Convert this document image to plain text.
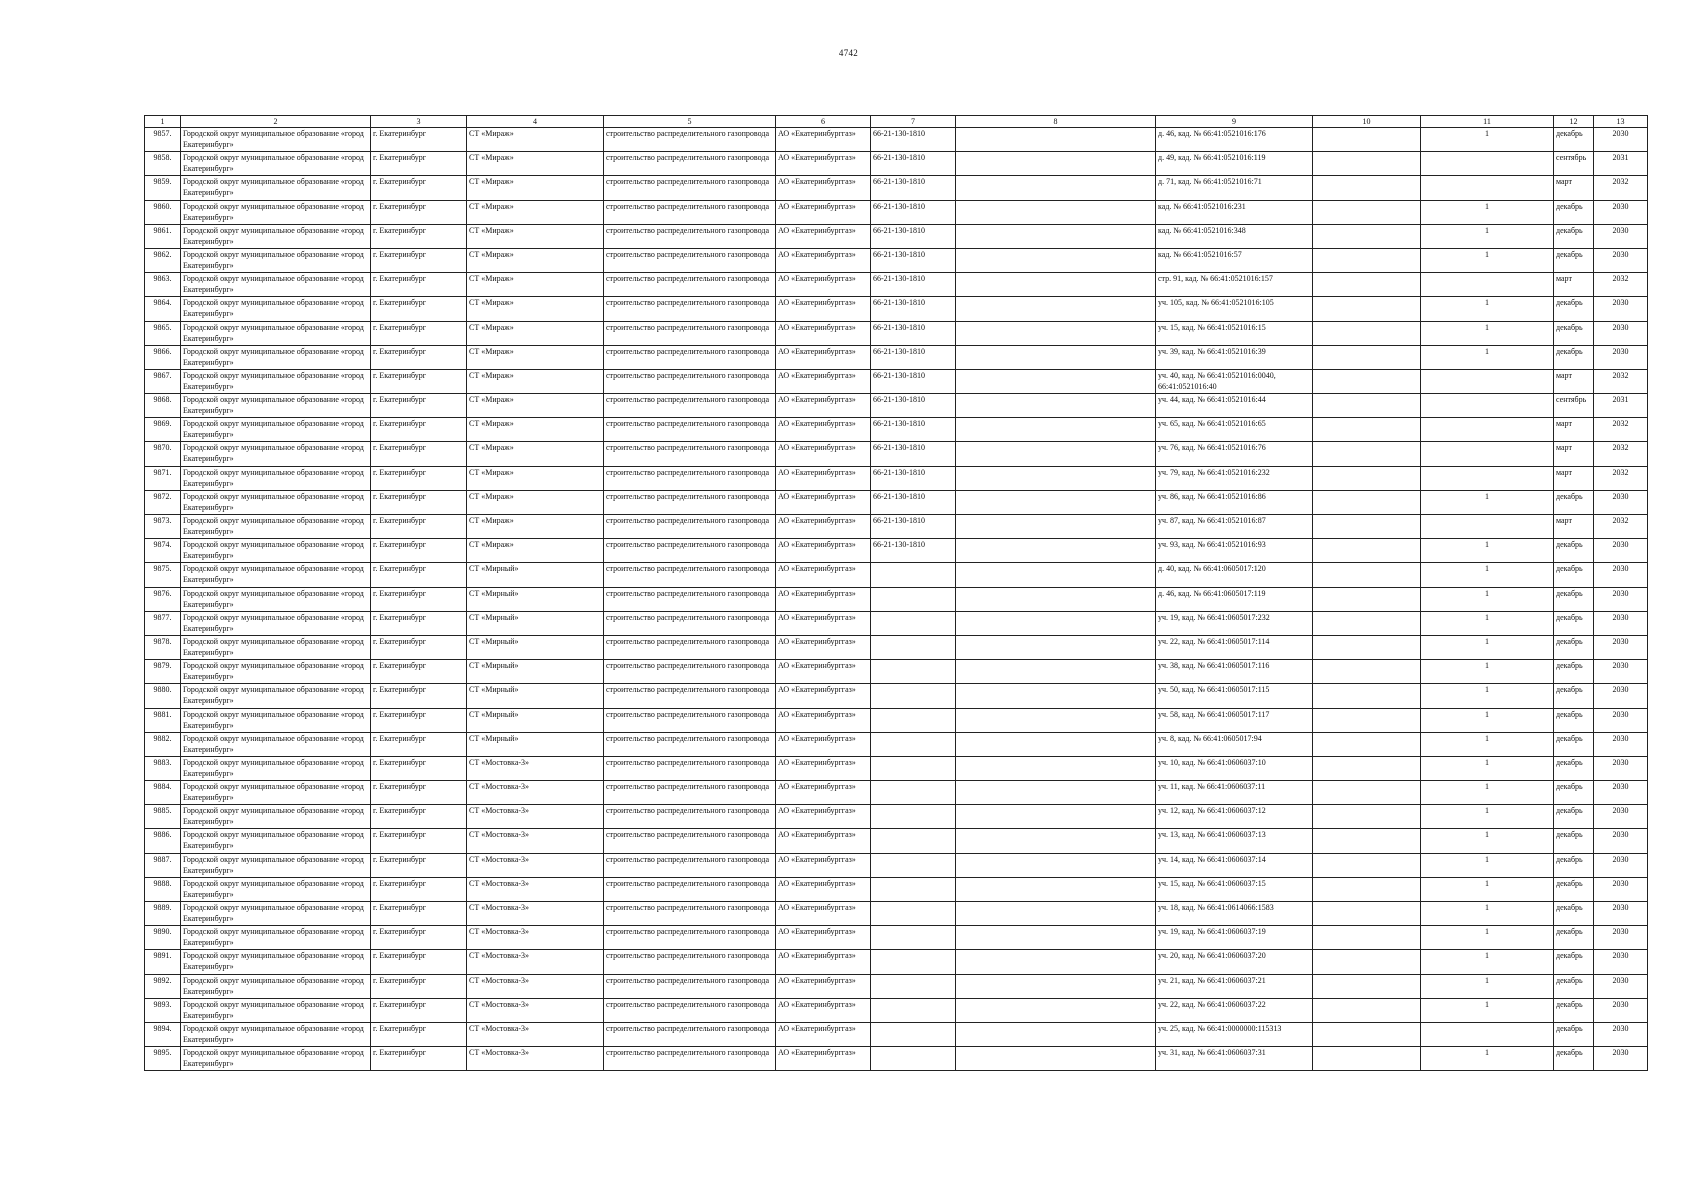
4742
1	2	3	4	5	6	7	8	9	10	11	12	13
9857.	Городской округ муниципальное образование «город Екатеринбург»	г. Екатеринбург	СТ «Мираж»	строительство распределительного газопровода	АО «Екатеринбурггаз»	66-21-130-1810		д. 46, кад. № 66:41:0521016:176		1	декабрь	2030
9858.	Городской округ муниципальное образование «город Екатеринбург»	г. Екатеринбург	СТ «Мираж»	строительство распределительного газопровода	АО «Екатеринбурггаз»	66-21-130-1810		д. 49, кад. № 66:41:0521016:119			сентябрь	2031
9859.	Городской округ муниципальное образование «город Екатеринбург»	г. Екатеринбург	СТ «Мираж»	строительство распределительного газопровода	АО «Екатеринбурггаз»	66-21-130-1810		д. 71, кад. № 66:41:0521016:71			март	2032
9860.	Городской округ муниципальное образование «город Екатеринбург»	г. Екатеринбург	СТ «Мираж»	строительство распределительного газопровода	АО «Екатеринбурггаз»	66-21-130-1810		кад. № 66:41:0521016:231		1	декабрь	2030
9861.	Городской округ муниципальное образование «город Екатеринбург»	г. Екатеринбург	СТ «Мираж»	строительство распределительного газопровода	АО «Екатеринбурггаз»	66-21-130-1810		кад. № 66:41:0521016:348		1	декабрь	2030
9862.	Городской округ муниципальное образование «город Екатеринбург»	г. Екатеринбург	СТ «Мираж»	строительство распределительного газопровода	АО «Екатеринбурггаз»	66-21-130-1810		кад. № 66:41:0521016:57		1	декабрь	2030
9863.	Городской округ муниципальное образование «город Екатеринбург»	г. Екатеринбург	СТ «Мираж»	строительство распределительного газопровода	АО «Екатеринбурггаз»	66-21-130-1810		стр. 91, кад. № 66:41:0521016:157			март	2032
9864.	Городской округ муниципальное образование «город Екатеринбург»	г. Екатеринбург	СТ «Мираж»	строительство распределительного газопровода	АО «Екатеринбурггаз»	66-21-130-1810		уч. 105, кад. № 66:41:0521016:105		1	декабрь	2030
9865.	Городской округ муниципальное образование «город Екатеринбург»	г. Екатеринбург	СТ «Мираж»	строительство распределительного газопровода	АО «Екатеринбурггаз»	66-21-130-1810		уч. 15, кад. № 66:41:0521016:15		1	декабрь	2030
9866.	Городской округ муниципальное образование «город Екатеринбург»	г. Екатеринбург	СТ «Мираж»	строительство распределительного газопровода	АО «Екатеринбурггаз»	66-21-130-1810		уч. 39, кад. № 66:41:0521016:39		1	декабрь	2030
9867.	Городской округ муниципальное образование «город Екатеринбург»	г. Екатеринбург	СТ «Мираж»	строительство распределительного газопровода	АО «Екатеринбурггаз»	66-21-130-1810		уч. 40, кад. № 66:41:0521016:0040, 66:41:0521016:40			март	2032
9868.	Городской округ муниципальное образование «город Екатеринбург»	г. Екатеринбург	СТ «Мираж»	строительство распределительного газопровода	АО «Екатеринбурггаз»	66-21-130-1810		уч. 44, кад. № 66:41:0521016:44			сентябрь	2031
9869.	Городской округ муниципальное образование «город Екатеринбург»	г. Екатеринбург	СТ «Мираж»	строительство распределительного газопровода	АО «Екатеринбурггаз»	66-21-130-1810		уч. 65, кад. № 66:41:0521016:65			март	2032
9870.	Городской округ муниципальное образование «город Екатеринбург»	г. Екатеринбург	СТ «Мираж»	строительство распределительного газопровода	АО «Екатеринбурггаз»	66-21-130-1810		уч. 76, кад. № 66:41:0521016:76			март	2032
9871.	Городской округ муниципальное образование «город Екатеринбург»	г. Екатеринбург	СТ «Мираж»	строительство распределительного газопровода	АО «Екатеринбурггаз»	66-21-130-1810		уч. 79, кад. № 66:41:0521016:232			март	2032
9872.	Городской округ муниципальное образование «город Екатеринбург»	г. Екатеринбург	СТ «Мираж»	строительство распределительного газопровода	АО «Екатеринбурггаз»	66-21-130-1810		уч. 86, кад. № 66:41:0521016:86		1	декабрь	2030
9873.	Городской округ муниципальное образование «город Екатеринбург»	г. Екатеринбург	СТ «Мираж»	строительство распределительного газопровода	АО «Екатеринбурггаз»	66-21-130-1810		уч. 87, кад. № 66:41:0521016:87			март	2032
9874.	Городской округ муниципальное образование «город Екатеринбург»	г. Екатеринбург	СТ «Мираж»	строительство распределительного газопровода	АО «Екатеринбурггаз»	66-21-130-1810		уч. 93, кад. № 66:41:0521016:93		1	декабрь	2030
9875.	Городской округ муниципальное образование «город Екатеринбург»	г. Екатеринбург	СТ «Мирный»	строительство распределительного газопровода	АО «Екатеринбурггаз»			д. 40, кад. № 66:41:0605017:120		1	декабрь	2030
9876.	Городской округ муниципальное образование «город Екатеринбург»	г. Екатеринбург	СТ «Мирный»	строительство распределительного газопровода	АО «Екатеринбурггаз»			д. 46, кад. № 66:41:0605017:119		1	декабрь	2030
9877.	Городской округ муниципальное образование «город Екатеринбург»	г. Екатеринбург	СТ «Мирный»	строительство распределительного газопровода	АО «Екатеринбурггаз»			уч. 19, кад. № 66:41:0605017:232		1	декабрь	2030
9878.	Городской округ муниципальное образование «город Екатеринбург»	г. Екатеринбург	СТ «Мирный»	строительство распределительного газопровода	АО «Екатеринбурггаз»			уч. 22, кад. № 66:41:0605017:114		1	декабрь	2030
9879.	Городской округ муниципальное образование «город Екатеринбург»	г. Екатеринбург	СТ «Мирный»	строительство распределительного газопровода	АО «Екатеринбурггаз»			уч. 38, кад. № 66:41:0605017:116		1	декабрь	2030
9880.	Городской округ муниципальное образование «город Екатеринбург»	г. Екатеринбург	СТ «Мирный»	строительство распределительного газопровода	АО «Екатеринбурггаз»			уч. 50, кад. № 66:41:0605017:115		1	декабрь	2030
9881.	Городской округ муниципальное образование «город Екатеринбург»	г. Екатеринбург	СТ «Мирный»	строительство распределительного газопровода	АО «Екатеринбурггаз»			уч. 58, кад. № 66:41:0605017:117		1	декабрь	2030
9882.	Городской округ муниципальное образование «город Екатеринбург»	г. Екатеринбург	СТ «Мирный»	строительство распределительного газопровода	АО «Екатеринбурггаз»			уч. 8, кад. № 66:41:0605017:94		1	декабрь	2030
9883.	Городской округ муниципальное образование «город Екатеринбург»	г. Екатеринбург	СТ «Мостовка-3»	строительство распределительного газопровода	АО «Екатеринбурггаз»			уч. 10, кад. № 66:41:0606037:10		1	декабрь	2030
9884.	Городской округ муниципальное образование «город Екатеринбург»	г. Екатеринбург	СТ «Мостовка-3»	строительство распределительного газопровода	АО «Екатеринбурггаз»			уч. 11, кад. № 66:41:0606037:11		1	декабрь	2030
9885.	Городской округ муниципальное образование «город Екатеринбург»	г. Екатеринбург	СТ «Мостовка-3»	строительство распределительного газопровода	АО «Екатеринбурггаз»			уч. 12, кад. № 66:41:0606037:12		1	декабрь	2030
9886.	Городской округ муниципальное образование «город Екатеринбург»	г. Екатеринбург	СТ «Мостовка-3»	строительство распределительного газопровода	АО «Екатеринбурггаз»			уч. 13, кад. № 66:41:0606037:13		1	декабрь	2030
9887.	Городской округ муниципальное образование «город Екатеринбург»	г. Екатеринбург	СТ «Мостовка-3»	строительство распределительного газопровода	АО «Екатеринбурггаз»			уч. 14, кад. № 66:41:0606037:14		1	декабрь	2030
9888.	Городской округ муниципальное образование «город Екатеринбург»	г. Екатеринбург	СТ «Мостовка-3»	строительство распределительного газопровода	АО «Екатеринбурггаз»			уч. 15, кад. № 66:41:0606037:15		1	декабрь	2030
9889.	Городской округ муниципальное образование «город Екатеринбург»	г. Екатеринбург	СТ «Мостовка-3»	строительство распределительного газопровода	АО «Екатеринбурггаз»			уч. 18, кад. № 66:41:0614066:1583		1	декабрь	2030
9890.	Городской округ муниципальное образование «город Екатеринбург»	г. Екатеринбург	СТ «Мостовка-3»	строительство распределительного газопровода	АО «Екатеринбурггаз»			уч. 19, кад. № 66:41:0606037:19		1	декабрь	2030
9891.	Городской округ муниципальное образование «город Екатеринбург»	г. Екатеринбург	СТ «Мостовка-3»	строительство распределительного газопровода	АО «Екатеринбурггаз»			уч. 20, кад. № 66:41:0606037:20		1	декабрь	2030
9892.	Городской округ муниципальное образование «город Екатеринбург»	г. Екатеринбург	СТ «Мостовка-3»	строительство распределительного газопровода	АО «Екатеринбурггаз»			уч. 21, кад. № 66:41:0606037:21		1	декабрь	2030
9893.	Городской округ муниципальное образование «город Екатеринбург»	г. Екатеринбург	СТ «Мостовка-3»	строительство распределительного газопровода	АО «Екатеринбурггаз»			уч. 22, кад. № 66:41:0606037:22		1	декабрь	2030
9894.	Городской округ муниципальное образование «город Екатеринбург»	г. Екатеринбург	СТ «Мостовка-3»	строительство распределительного газопровода	АО «Екатеринбурггаз»			уч. 25, кад. № 66:41:0000000:115313			декабрь	2030
9895.	Городской округ муниципальное образование «город Екатеринбург»	г. Екатеринбург	СТ «Мостовка-3»	строительство распределительного газопровода	АО «Екатеринбурггаз»			уч. 31, кад. № 66:41:0606037:31		1	декабрь	2030
